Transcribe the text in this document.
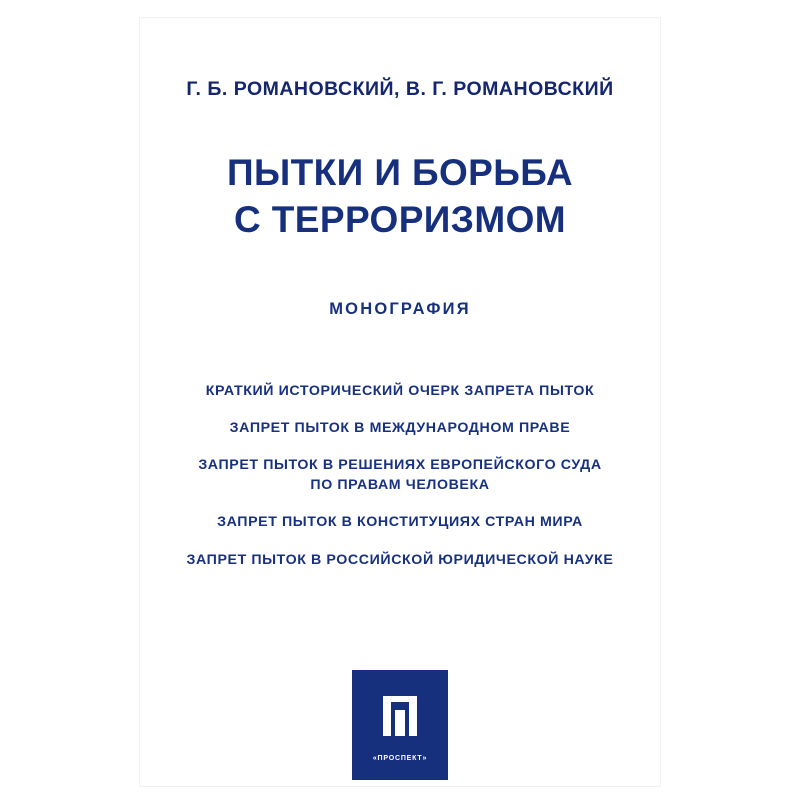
Г. Б. РОМАНОВСКИЙ, В. Г. РОМАНОВСКИЙ
ПЫТКИ И БОРЬБА
С ТЕРРОРИЗМОМ
МОНОГРАФИЯ
КРАТКИЙ ИСТОРИЧЕСКИЙ ОЧЕРК ЗАПРЕТА ПЫТОК
ЗАПРЕТ ПЫТОК В МЕЖДУНАРОДНОМ ПРАВЕ
ЗАПРЕТ ПЫТОК В РЕШЕНИЯХ ЕВРОПЕЙСКОГО СУДА ПО ПРАВАМ ЧЕЛОВЕКА
ЗАПРЕТ ПЫТОК В КОНСТИТУЦИЯХ СТРАН МИРА
ЗАПРЕТ ПЫТОК В РОССИЙСКОЙ ЮРИДИЧЕСКОЙ НАУКЕ
«ПРОСПЕКТ»
